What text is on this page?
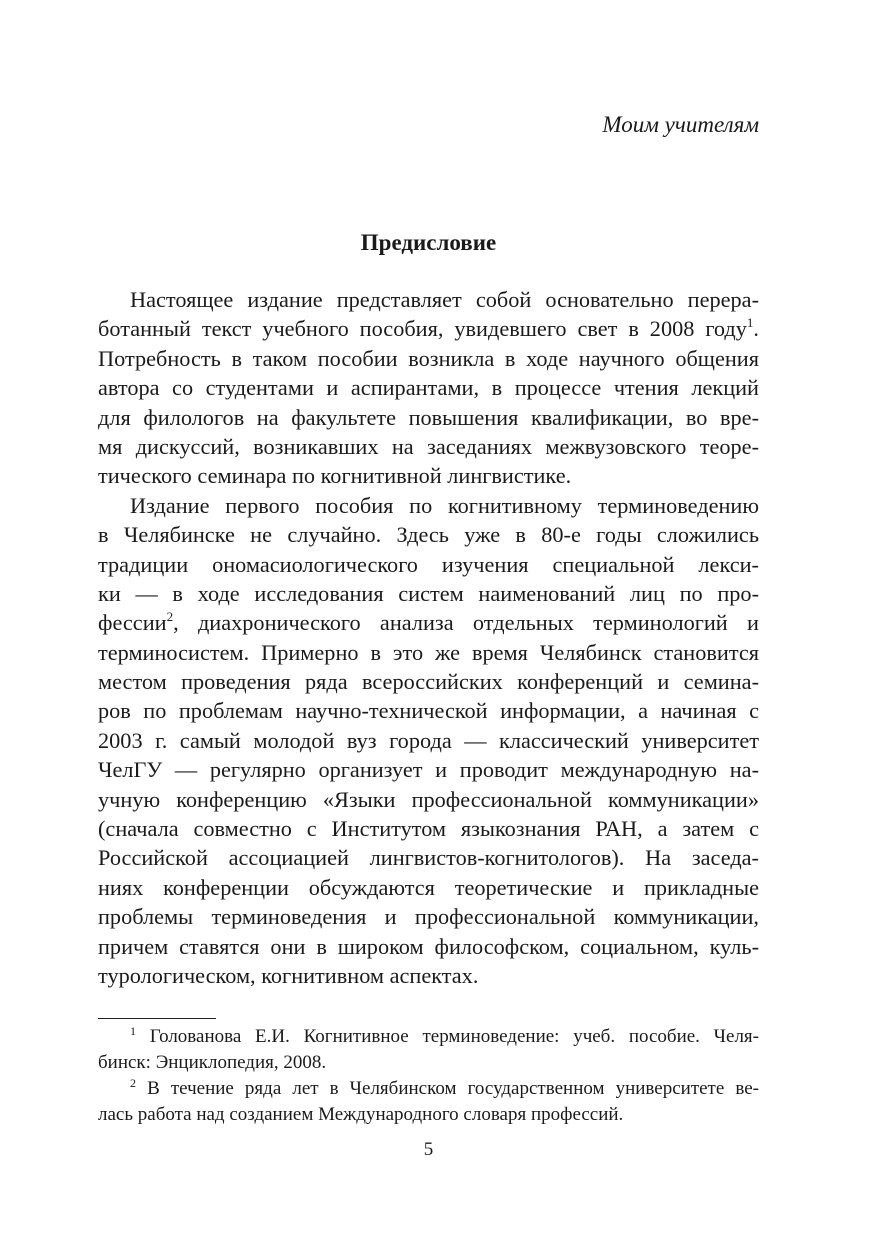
Моим учителям
Предисловие
Настоящее издание представляет собой основательно перера-
ботанный текст учебного пособия, увидевшего свет в 2008 году$^1$.
Потребность в таком пособии возникла в ходе научного общения
автора со студентами и аспирантами, в процессе чтения лекций
для филологов на факультете повышения квалификации, во вре-
мя дискуссий, возникавших на заседаниях межвузовского теоре-
тического семинара по когнитивной лингвистике.
Издание первого пособия по когнитивному терминоведению
в Челябинске не случайно. Здесь уже в 80-е годы сложились
традиции ономасиологического изучения специальной лекси-
ки — в ходе исследования систем наименований лиц по про-
фессии$^2$, диахронического анализа отдельных терминологий и
терминосистем. Примерно в это же время Челябинск становится
местом проведения ряда всероссийских конференций и семина-
ров по проблемам научно-технической информации, а начиная с
2003 г. самый молодой вуз города — классический университет
ЧелГУ — регулярно организует и проводит международную на-
учную конференцию «Языки профессиональной коммуникации»
(сначала совместно с Институтом языкознания РАН, а затем с
Российской ассоциацией лингвистов-когнитологов). На заседа-
ниях конференции обсуждаются теоретические и прикладные
проблемы терминоведения и профессиональной коммуникации,
причем ставятся они в широком философском, социальном, куль-
турологическом, когнитивном аспектах.
$^1$ Голованова Е.И. Когнитивное терминоведение: учеб. пособие. Челя-
бинск: Энциклопедия, 2008.
$^2$ В течение ряда лет в Челябинском государственном университете ве-
лась работа над созданием Международного словаря профессий.
5
